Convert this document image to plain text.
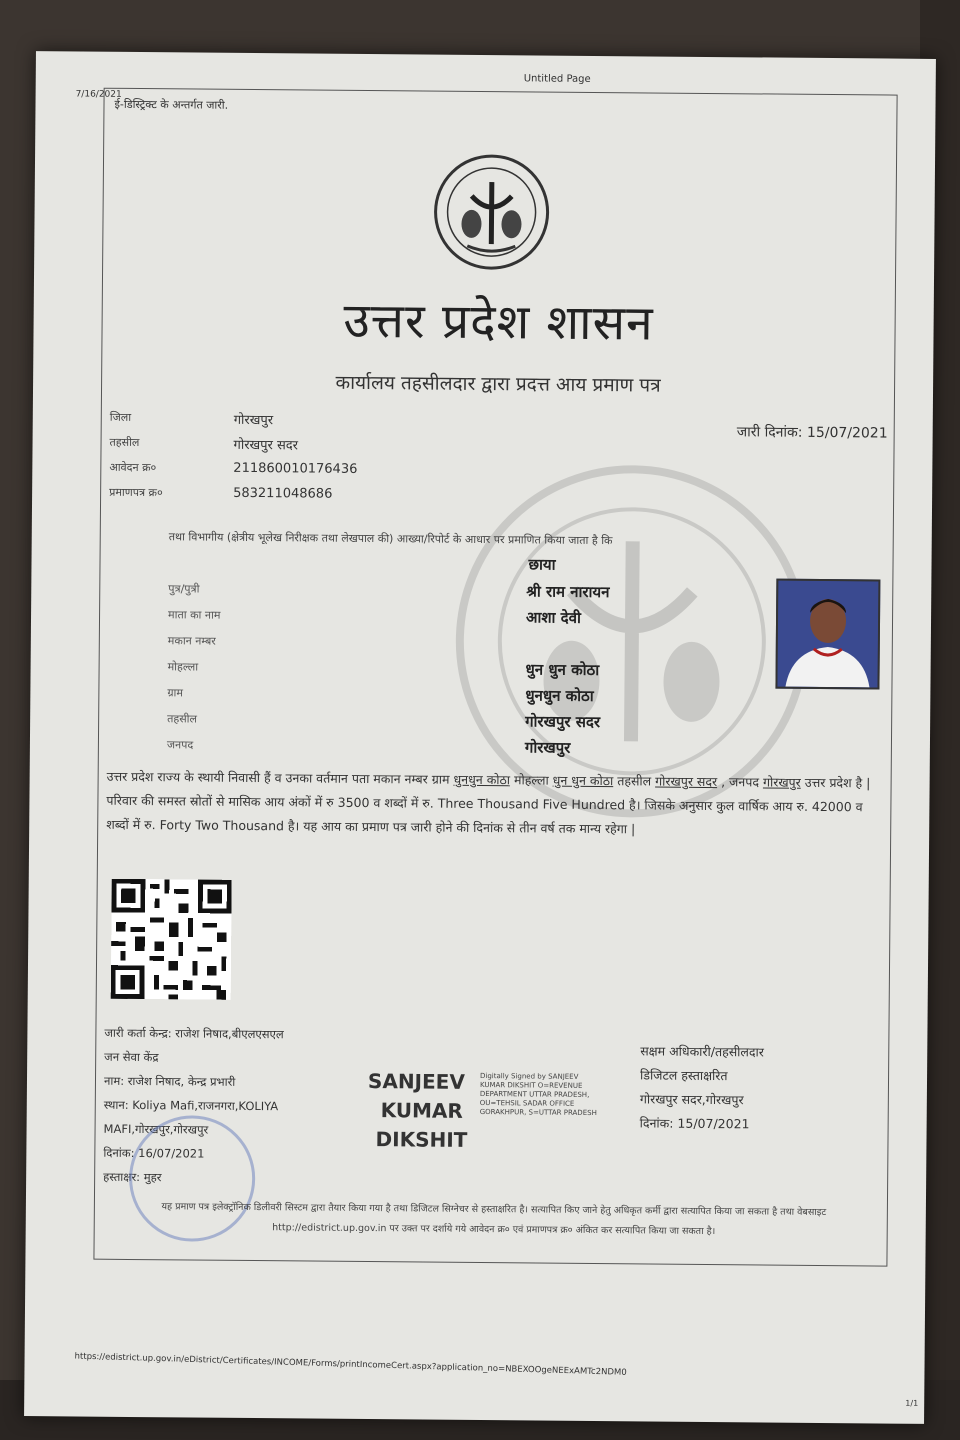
7/16/2021
Untitled Page
ई-डिस्ट्रिक्ट के अन्तर्गत जारी.
उत्तर प्रदेश शासन
कार्यालय तहसीलदार द्वारा प्रदत्त आय प्रमाण पत्र
जारी दिनांक: 15/07/2021
जिला	गोरखपुर
तहसील	गोरखपुर सदर
आवेदन क्र०	211860010176436
प्रमाणपत्र क्र०	583211048686
तथा विभागीय (क्षेत्रीय भूलेख निरीक्षक तथा लेखपाल की) आख्या/रिपोर्ट के आधार पर प्रमाणित किया जाता है कि
छाया
पुत्र/पुत्री	श्री राम नारायन
माता का नाम	आशा देवी
मकान नम्बर
मोहल्ला	धुन धुन कोठा
ग्राम	धुनधुन कोठा
तहसील	गोरखपुर सदर
जनपद	गोरखपुर
उत्तर प्रदेश राज्य के स्थायी निवासी हैं व उनका वर्तमान पता मकान नम्बर ग्राम धुनधुन कोठा मोहल्ला धुन धुन कोठा तहसील गोरखपुर सदर , जनपद गोरखपुर उत्तर प्रदेश है | परिवार की समस्त स्रोतों से मासिक आय अंकों में रु 3500 व शब्दों में रु. Three Thousand Five Hundred है। जिसके अनुसार कुल वार्षिक आय रु. 42000 व शब्दों में रु. Forty Two Thousand है। यह आय का प्रमाण पत्र जारी होने की दिनांक से तीन वर्ष तक मान्य रहेगा |
जारी कर्ता केन्द्र: राजेश निषाद,बीएलएसएल
जन सेवा केंद्र
नाम: राजेश निषाद, केन्द्र प्रभारी
स्थान: Koliya Mafi,राजनगरा,KOLIYA
MAFI,गोरखपुर,गोरखपुर
दिनांक: 16/07/2021
हस्ताक्षर: मुहर
SANJEEV
KUMAR
DIKSHIT
Digitally Signed by SANJEEV KUMAR DIKSHIT O=REVENUE DEPARTMENT UTTAR PRADESH, OU=TEHSIL SADAR OFFICE GORAKHPUR, S=UTTAR PRADESH
सक्षम अधिकारी/तहसीलदार
डिजिटल हस्ताक्षरित
गोरखपुर सदर,गोरखपुर
दिनांक: 15/07/2021
यह प्रमाण पत्र इलेक्ट्रॉनिक डिलीवरी सिस्टम द्वारा तैयार किया गया है तथा डिजिटल सिग्नेचर से हस्ताक्षरित है। सत्यापित किए जाने हेतु अधिकृत कर्मी द्वारा सत्यापित किया जा सकता है तथा वेबसाइट http://edistrict.up.gov.in पर उक्त पर दर्शाये गये आवेदन क्र० एवं प्रमाणपत्र क्र० अंकित कर सत्यापित किया जा सकता है।
https://edistrict.up.gov.in/eDistrict/Certificates/INCOME/Forms/printIncomeCert.aspx?application_no=NBEXOOgeNEExAMTc2NDM0
1/1
